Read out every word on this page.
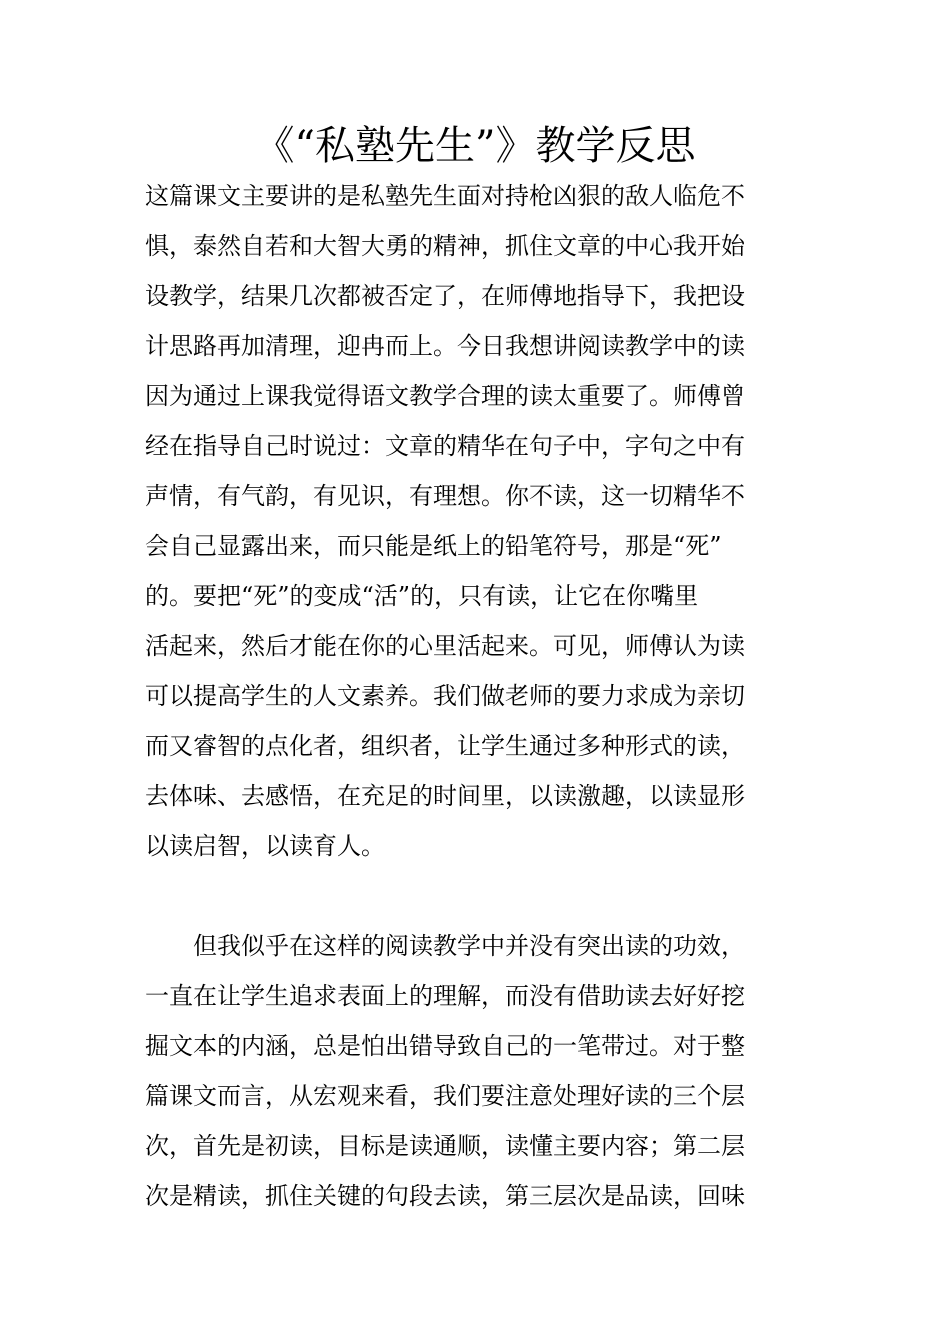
《“私塾先生”》教学反思
这篇课文主要讲的是私塾先生面对持枪凶狠的敌人临危不
惧，泰然自若和大智大勇的精神，抓住文章的中心我开始
设教学，结果几次都被否定了，在师傅地指导下，我把设
计思路再加清理，迎冉而上。今日我想讲阅读教学中的读
因为通过上课我觉得语文教学合理的读太重要了。师傅曾
经在指导自己时说过：文章的精华在句子中，字句之中有
声情，有气韵，有见识，有理想。你不读，这一切精华不
会自己显露出来，而只能是纸上的铅笔符号，那是“死”
的。要把“死”的变成“活”的，只有读，让它在你嘴里
活起来，然后才能在你的心里活起来。可见，师傅认为读
可以提高学生的人文素养。我们做老师的要力求成为亲切
而又睿智的点化者，组织者，让学生通过多种形式的读，
去体味、去感悟，在充足的时间里，以读激趣，以读显形
以读启智，以读育人。
　　但我似乎在这样的阅读教学中并没有突出读的功效，
一直在让学生追求表面上的理解，而没有借助读去好好挖
掘文本的内涵，总是怕出错导致自己的一笔带过。对于整
篇课文而言，从宏观来看，我们要注意处理好读的三个层
次，首先是初读，目标是读通顺，读懂主要内容；第二层
次是精读，抓住关键的句段去读，第三层次是品读，回味
